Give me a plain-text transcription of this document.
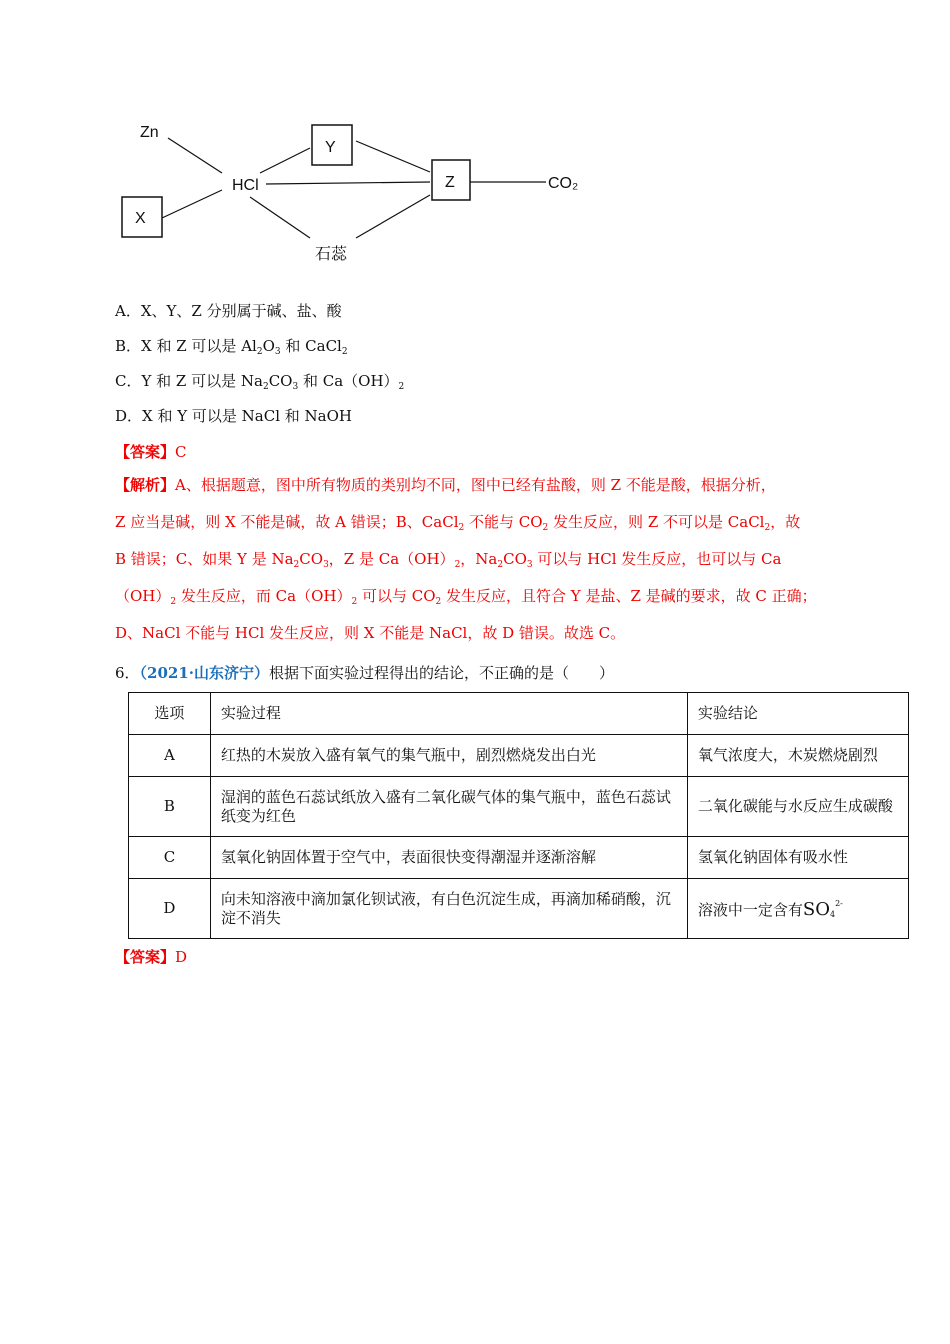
Zn
X
HCl
Y
Z	CO₂
石蕊
A．X、Y、Z 分别属于碱、盐、酸
B．X 和 Z 可以是 $Al_2O_3$ 和 CaCl$_2$
C．Y 和 Z 可以是 $Na_2CO_3$ 和 $Ca(OH)_2$
D．X 和 Y 可以是 NaCl 和 NaOH
【答案】C
【解析】A、根据题意，图中所有物质的类别均不同，图中已经有盐酸，则 Z 不能是酸，根据分析，
Z 应当是碱，则 X 不能是碱，故 A 错误；B、CaCl$_2$ 不能与 $CO_2$ 发生反应，则 Z 不可以是 CaCl$_2$，故
B 错误；C、如果 Y 是 $Na_2CO_3$，Z 是 $Ca(OH)_2$，$Na_2CO_3$ 可以与 HCl 发生反应，也可以与 Ca
$(OH)_2$ 发生反应，而 $Ca(OH)_2$ 可以与 $CO_2$ 发生反应，且符合 Y 是盐、Z 是碱的要求，故 C 正确；
D、NaCl 不能与 HCl 发生反应，则 X 不能是 NaCl，故 D 错误。故选 C。
6．（2021·山东济宁）根据下面实验过程得出的结论，不正确的是（　　）
选项	实验过程	实验结论
A	红热的木炭放入盛有氧气的集气瓶中，剧烈燃烧发出白光	氧气浓度大，木炭燃烧剧烈
B	湿润的蓝色石蕊试纸放入盛有二氧化碳气体的集气瓶中，蓝色石蕊试纸变为红色	二氧化碳能与水反应生成碳酸
C	氢氧化钠固体置于空气中，表面很快变得潮湿并逐渐溶解	氢氧化钠固体有吸水性
D	向未知溶液中滴加氯化钡试液，有白色沉淀生成，再滴加稀硝酸，沉淀不消失	溶液中一定含有$SO_4^{2-}$
【答案】D
